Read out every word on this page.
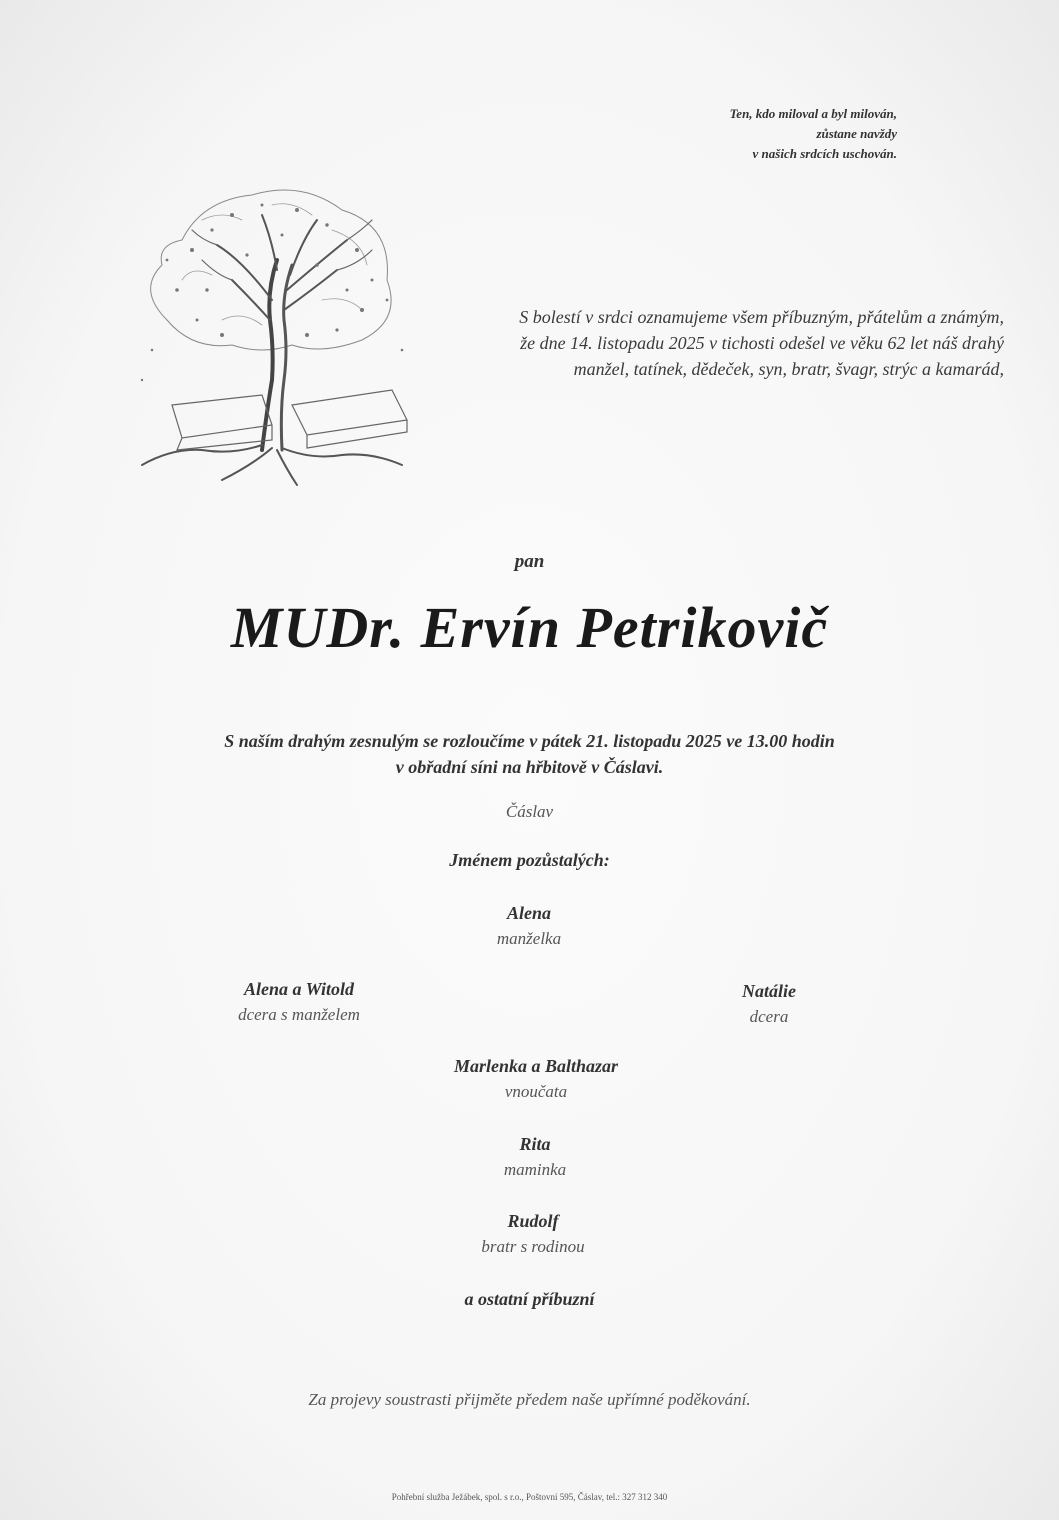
Ten, kdo miloval a byl milován,
zůstane navždy
v našich srdcích uschován.
S bolestí v srdci oznamujeme všem příbuzným, přátelům a známým,
že dne 14. listopadu 2025 v tichosti odešel ve věku 62 let náš drahý
manžel, tatínek, dědeček, syn, bratr, švagr, strýc a kamarád,
pan
MUDr. Ervín Petrikovič
S naším drahým zesnulým se rozloučíme v pátek 21. listopadu 2025 ve 13.00 hodin
v obřadní síni na hřbitově v Čáslavi.
Čáslav
Jménem pozůstalých:
Alena
manželka
Alena a Witold
dcera s manželem
Natálie
dcera
Marlenka a Balthazar
vnoučata
Rita
maminka
Rudolf
bratr s rodinou
a ostatní příbuzní
Za projevy soustrasti přijměte předem naše upřímné poděkování.
Pohřební služba Ježábek, spol. s r.o., Poštovní 595, Čáslav, tel.: 327 312 340
